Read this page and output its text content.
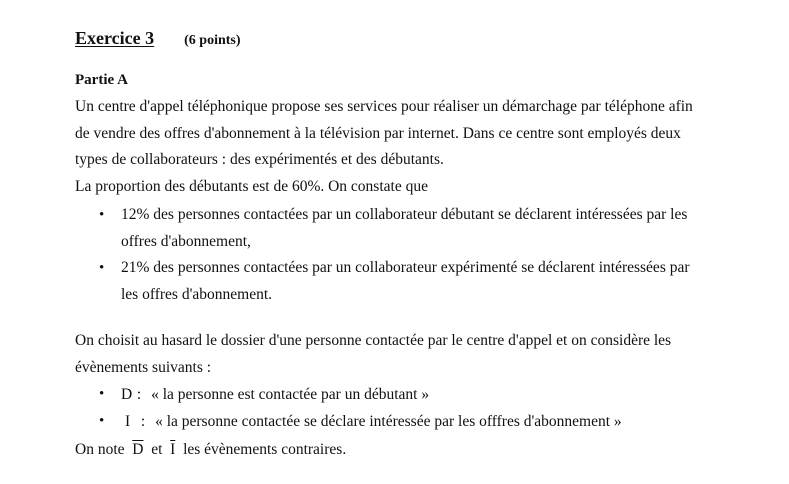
Exercice 3 (6 points)
Partie A
Un centre d'appel téléphonique propose ses services pour réaliser un démarchage par téléphone afin
de vendre des offres d'abonnement à la télévision par internet. Dans ce centre sont employés deux
types de collaborateurs : des expérimentés et des débutants.
La proportion des débutants est de 60%. On constate que
• 12% des personnes contactées par un collaborateur débutant se déclarent intéressées par les
offres d'abonnement,
• 21% des personnes contactées par un collaborateur expérimenté se déclarent intéressées par
les offres d'abonnement.
On choisit au hasard le dossier d'une personne contactée par le centre d'appel et on considère les
évènements suivants :
• D : « la personne est contactée par un débutant »
• I : « la personne contactée se déclare intéressée par les offfres d'abonnement »
On note $\overline{D}$ et $\overline{I}$ les évènements contraires.
